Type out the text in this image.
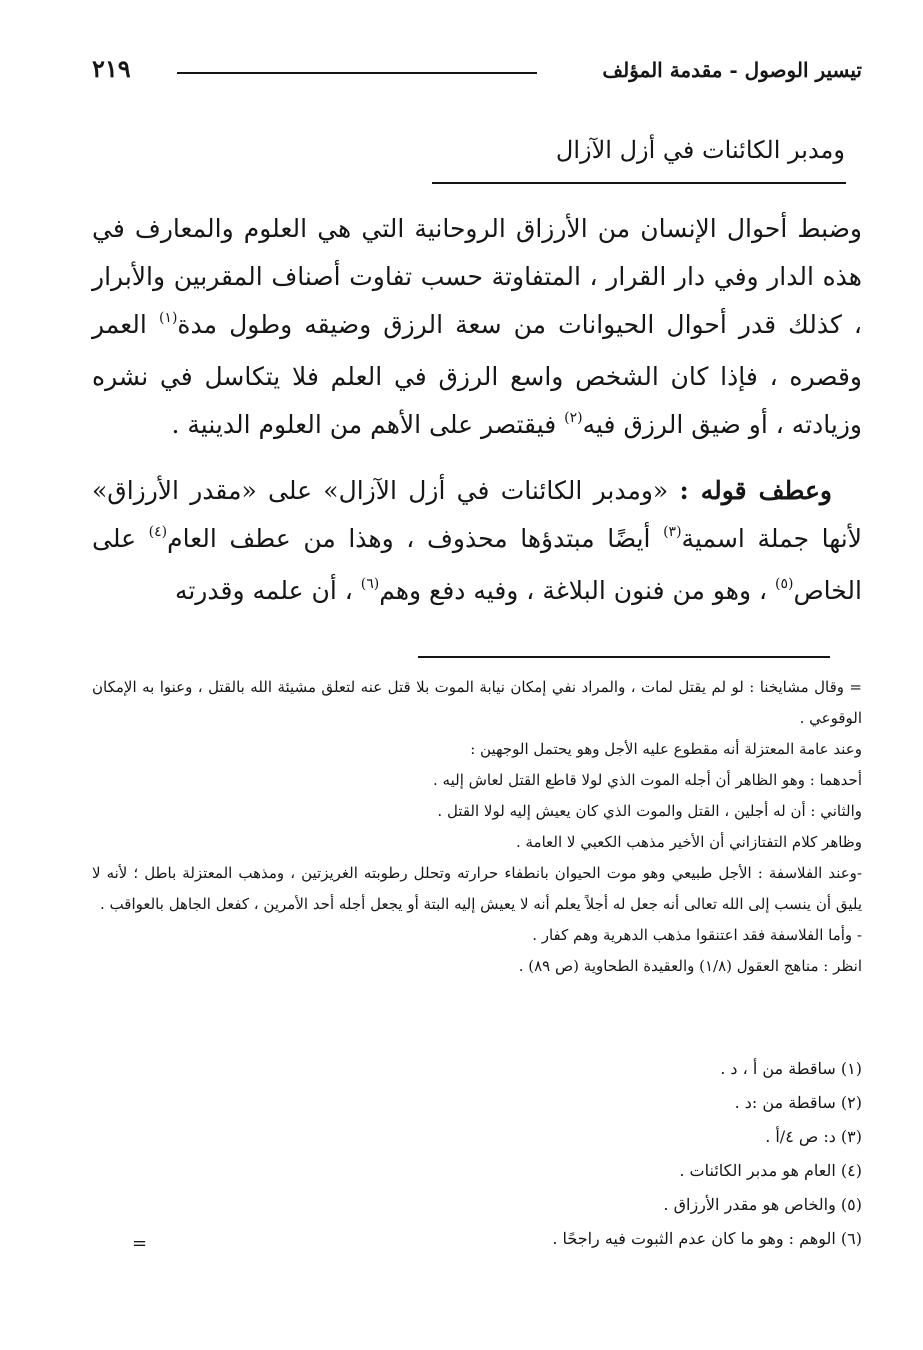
تيسير الوصول - مقدمة المؤلف
٢١٩
ومدبر الكائنات في أزل الآزال

وضبط أحوال الإنسان من الأرزاق الروحانية التي هي العلوم والمعارف في هذه الدار وفي دار القرار ، المتفاوتة حسب تفاوت أصناف المقربين والأبرار ، كذلك قدر أحوال الحيوانات من سعة الرزق وضيقه وطول مدة$^{(١)}$ العمر وقصره ، فإذا كان الشخص واسع الرزق في العلم فلا يتكاسل في نشره وزيادته ، أو ضيق الرزق فيه$^{(٢)}$ فيقتصر على الأهم من العلوم الدينية .

وعطف قوله : «ومدبر الكائنات في أزل الآزال» على «مقدر الأرزاق» لأنها جملة اسمية$^{(٣)}$ أيضًا مبتدؤها محذوف ، وهذا من عطف العام$^{(٤)}$ على الخاص$^{(٥)}$ ، وهو من فنون البلاغة ، وفيه دفع وهم$^{(٦)}$ ، أن علمه وقدرته

= وقال مشايخنا : لو لم يقتل لمات ، والمراد نفي إمكان نيابة الموت بلا قتل عنه لتعلق مشيئة الله بالقتل ، وعنوا به الإمكان الوقوعي .

وعند عامة المعتزلة أنه مقطوع عليه الأجل وهو يحتمل الوجهين :

أحدهما : وهو الظاهر أن أجله الموت الذي لولا قاطع القتل لعاش إليه .

والثاني : أن له أجلين ، القتل والموت الذي كان يعيش إليه لولا القتل .

وظاهر كلام التفتازاني أن الأخير مذهب الكعبي لا العامة .

-وعند الفلاسفة : الأجل طبيعي وهو موت الحيوان بانطفاء حرارته وتحلل رطوبته الغريزتين ، ومذهب المعتزلة باطل ؛ لأنه لا يليق أن ينسب إلى الله تعالى أنه جعل له أجلاً يعلم أنه لا يعيش إليه البتة أو يجعل أجله أحد الأمرين ، كفعل الجاهل بالعواقب .

- وأما الفلاسفة فقد اعتنقوا مذهب الدهرية وهم كفار .

انظر : مناهج العقول (١/٨) والعقيدة الطحاوية (ص ٨٩) .

(١) ساقطة من أ ، د .
(٢) ساقطة من :د .
(٣) د: ص ٤/أ .
(٤) العام هو مدبر الكائنات .
(٥) والخاص هو مقدر الأرزاق .
(٦) الوهم : وهو ما كان عدم الثبوت فيه راجحًا .
=
